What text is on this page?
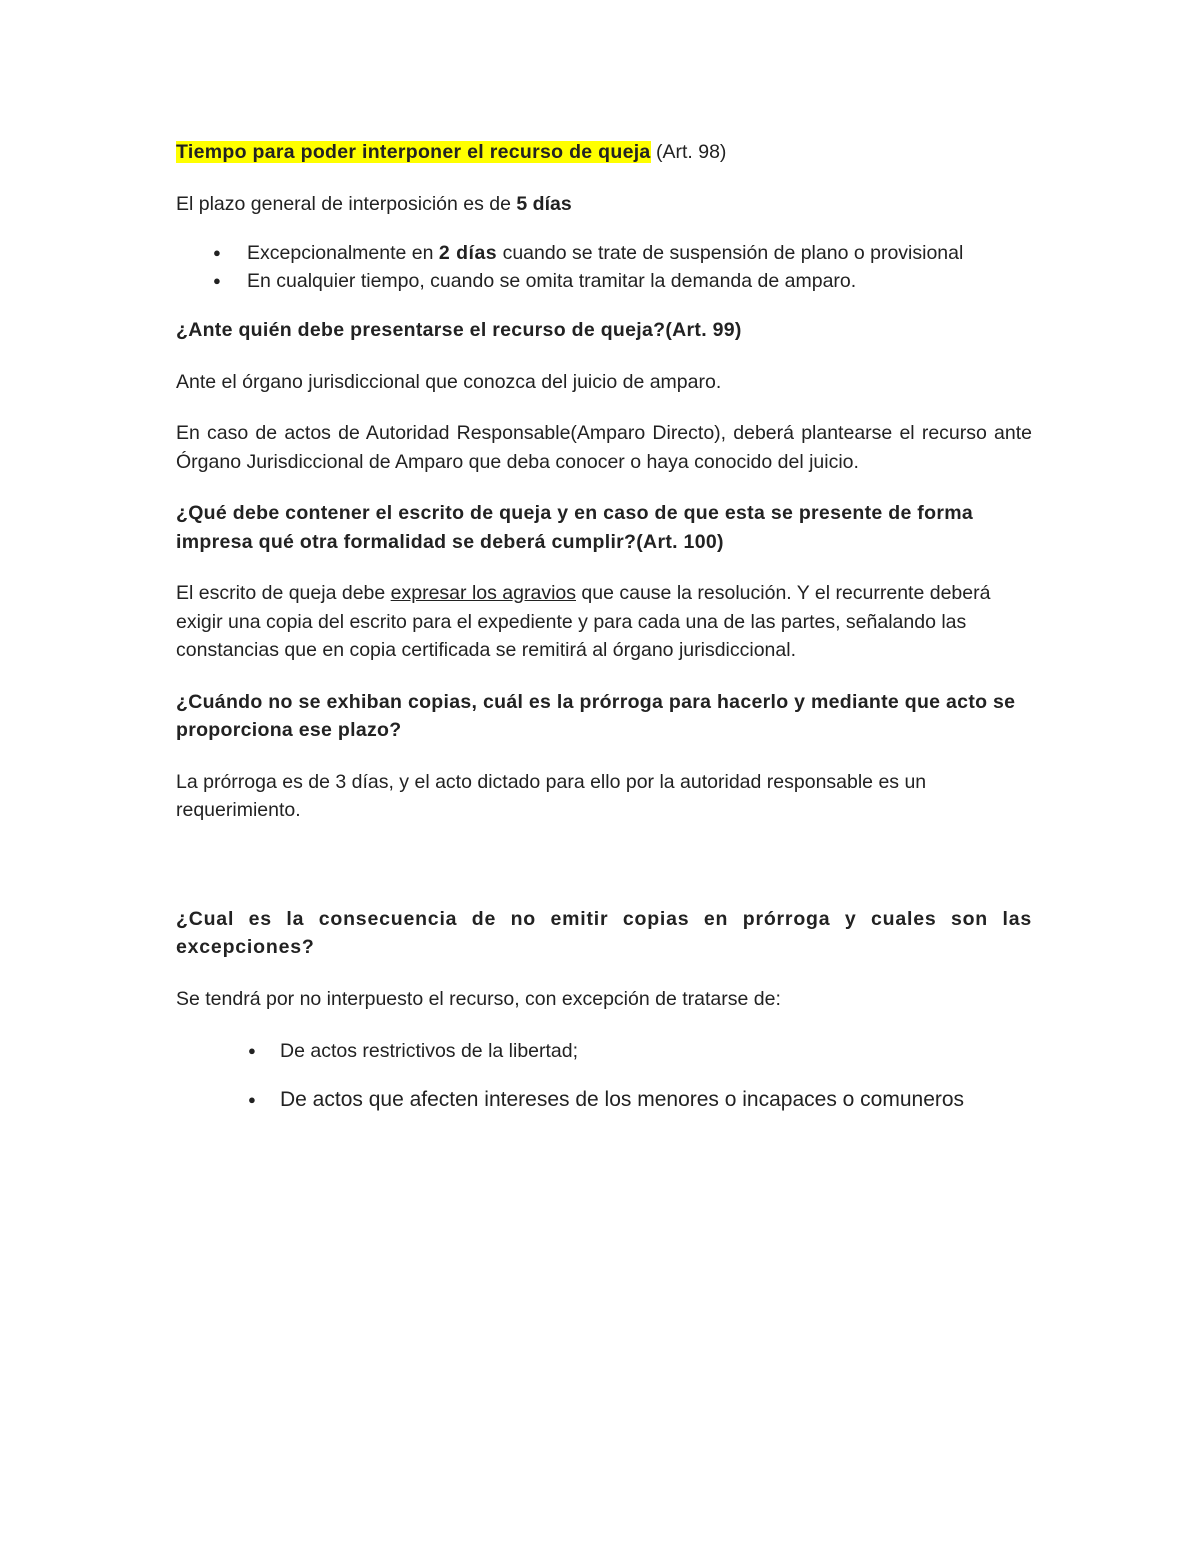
Tiempo para poder interponer el recurso de queja (Art. 98)

El plazo general de interposición es de 5 días

● Excepcionalmente en 2 días cuando se trate de suspensión de plano o provisional
● En cualquier tiempo, cuando se omita tramitar la demanda de amparo.

¿Ante quién debe presentarse el recurso de queja?(Art. 99)

Ante el órgano jurisdiccional que conozca del juicio de amparo.

En caso de actos de Autoridad Responsable(Amparo Directo), deberá plantearse el recurso ante Órgano Jurisdiccional de Amparo que deba conocer o haya conocido del juicio.

¿Qué debe contener el escrito de queja y en caso de que esta se presente de forma impresa qué otra formalidad se deberá cumplir?(Art. 100)

El escrito de queja debe expresar los agravios que cause la resolución. Y el recurrente deberá exigir una copia del escrito para el expediente y para cada una de las partes, señalando las constancias que en copia certificada se remitirá al órgano jurisdiccional.

¿Cuándo no se exhiban copias, cuál es la prórroga para hacerlo y mediante que acto se proporciona ese plazo?

La prórroga es de 3 días, y el acto dictado para ello por la autoridad responsable es un requerimiento.

¿Cual es la consecuencia de no emitir copias en prórroga y cuales son las excepciones?

Se tendrá por no interpuesto el recurso, con excepción de tratarse de:

● De actos restrictivos de la libertad;
● De actos que afecten intereses de los menores o incapaces o comuneros
